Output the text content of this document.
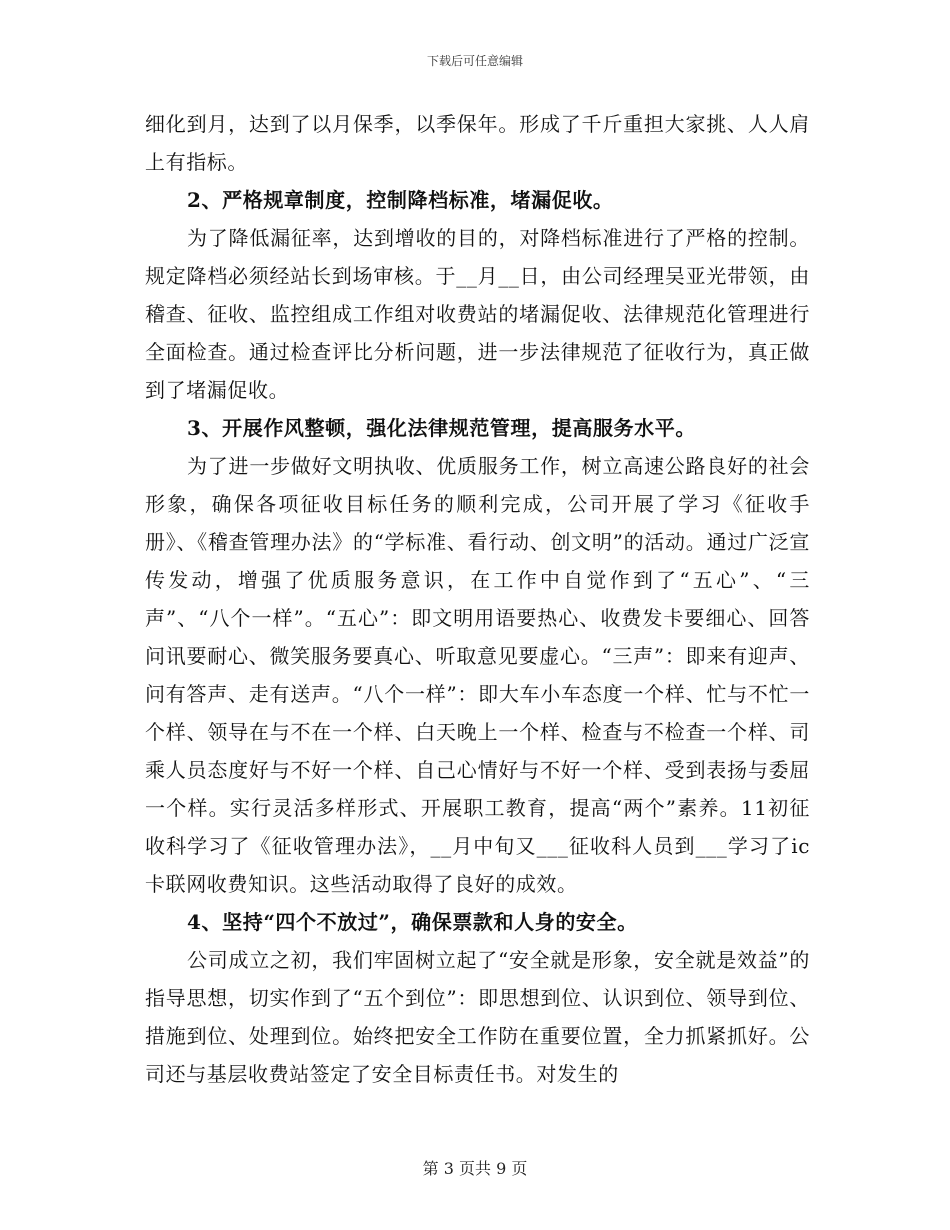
下载后可任意编辑

细化到月，达到了以月保季，以季保年。形成了千斤重担大家挑、人人肩上有指标。

2、严格规章制度，控制降档标准，堵漏促收。

为了降低漏征率，达到增收的目的，对降档标准进行了严格的控制。规定降档必须经站长到场审核。于__月__日，由公司经理吴亚光带领，由稽查、征收、监控组成工作组对收费站的堵漏促收、法律规范化管理进行全面检查。通过检查评比分析问题，进一步法律规范了征收行为，真正做到了堵漏促收。

3、开展作风整顿，强化法律规范管理，提高服务水平。

为了进一步做好文明执收、优质服务工作，树立高速公路良好的社会形象，确保各项征收目标任务的顺利完成，公司开展了学习《征收手册》、《稽查管理办法》的“学标准、看行动、创文明”的活动。通过广泛宣传发动，增强了优质服务意识，在工作中自觉作到了“五心”、“三声”、“八个一样”。“五心”：即文明用语要热心、收费发卡要细心、回答问讯要耐心、微笑服务要真心、听取意见要虚心。“三声”：即来有迎声、问有答声、走有送声。“八个一样”：即大车小车态度一个样、忙与不忙一个样、领导在与不在一个样、白天晚上一个样、检查与不检查一个样、司乘人员态度好与不好一个样、自己心情好与不好一个样、受到表扬与委屈一个样。实行灵活多样形式、开展职工教育，提高“两个”素养。11初征收科学习了《征收管理办法》，__月中旬又___征收科人员到___学习了ic卡联网收费知识。这些活动取得了良好的成效。

4、坚持“四个不放过”，确保票款和人身的安全。

公司成立之初，我们牢固树立起了“安全就是形象，安全就是效益”的指导思想，切实作到了“五个到位”：即思想到位、认识到位、领导到位、措施到位、处理到位。始终把安全工作防在重要位置，全力抓紧抓好。公司还与基层收费站签定了安全目标责任书。对发生的

第 3 页共 9 页
